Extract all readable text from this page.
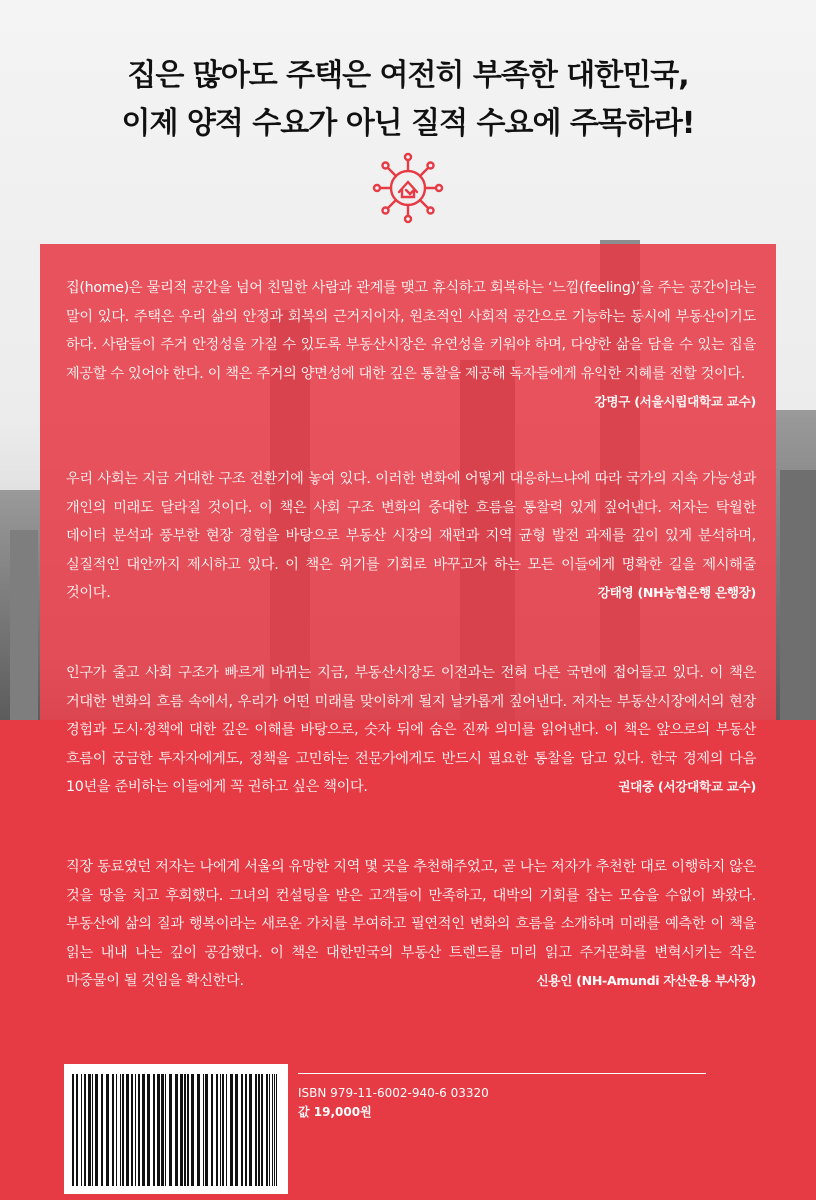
집은 많아도 주택은 여전히 부족한 대한민국,
이제 양적 수요가 아닌 질적 수요에 주목하라!
집(home)은 물리적 공간을 넘어 친밀한 사람과 관계를 맺고 휴식하고 회복하는 ‘느낌(feeling)’을 주는 공간이라는 말이 있다. 주택은 우리 삶의 안정과 회복의 근거지이자, 원초적인 사회적 공간으로 기능하는 동시에 부동산이기도 하다. 사람들이 주거 안정성을 가질 수 있도록 부동산시장은 유연성을 키워야 하며, 다양한 삶을 담을 수 있는 집을 제공할 수 있어야 한다. 이 책은 주거의 양면성에 대한 깊은 통찰을 제공해 독자들에게 유익한 지혜를 전할 것이다.
강명구 (서울시립대학교 교수)
우리 사회는 지금 거대한 구조 전환기에 놓여 있다. 이러한 변화에 어떻게 대응하느냐에 따라 국가의 지속 가능성과 개인의 미래도 달라질 것이다. 이 책은 사회 구조 변화의 중대한 흐름을 통찰력 있게 짚어낸다. 저자는 탁월한 데이터 분석과 풍부한 현장 경험을 바탕으로 부동산 시장의 재편과 지역 균형 발전 과제를 깊이 있게 분석하며, 실질적인 대안까지 제시하고 있다. 이 책은 위기를 기회로 바꾸고자 하는 모든 이들에게 명확한 길을 제시해줄 것이다.	강태영 (NH농협은행 은행장)
인구가 줄고 사회 구조가 빠르게 바뀌는 지금, 부동산시장도 이전과는 전혀 다른 국면에 접어들고 있다. 이 책은 거대한 변화의 흐름 속에서, 우리가 어떤 미래를 맞이하게 될지 날카롭게 짚어낸다. 저자는 부동산시장에서의 현장 경험과 도시·정책에 대한 깊은 이해를 바탕으로, 숫자 뒤에 숨은 진짜 의미를 읽어낸다. 이 책은 앞으로의 부동산 흐름이 궁금한 투자자에게도, 정책을 고민하는 전문가에게도 반드시 필요한 통찰을 담고 있다. 한국 경제의 다음 10년을 준비하는 이들에게 꼭 권하고 싶은 책이다.	권대중 (서강대학교 교수)
직장 동료였던 저자는 나에게 서울의 유망한 지역 몇 곳을 추천해주었고, 곧 나는 저자가 추천한 대로 이행하지 않은 것을 땅을 치고 후회했다. 그녀의 컨설팅을 받은 고객들이 만족하고, 대박의 기회를 잡는 모습을 수없이 봐왔다. 부동산에 삶의 질과 행복이라는 새로운 가치를 부여하고 필연적인 변화의 흐름을 소개하며 미래를 예측한 이 책을 읽는 내내 나는 깊이 공감했다. 이 책은 대한민국의 부동산 트렌드를 미리 읽고 주거문화를 변혁시키는 작은 마중물이 될 것임을 확신한다.	신용인 (NH-Amundi 자산운용 부사장)
ISBN 979-11-6002-940-6 03320
값 19,000원
